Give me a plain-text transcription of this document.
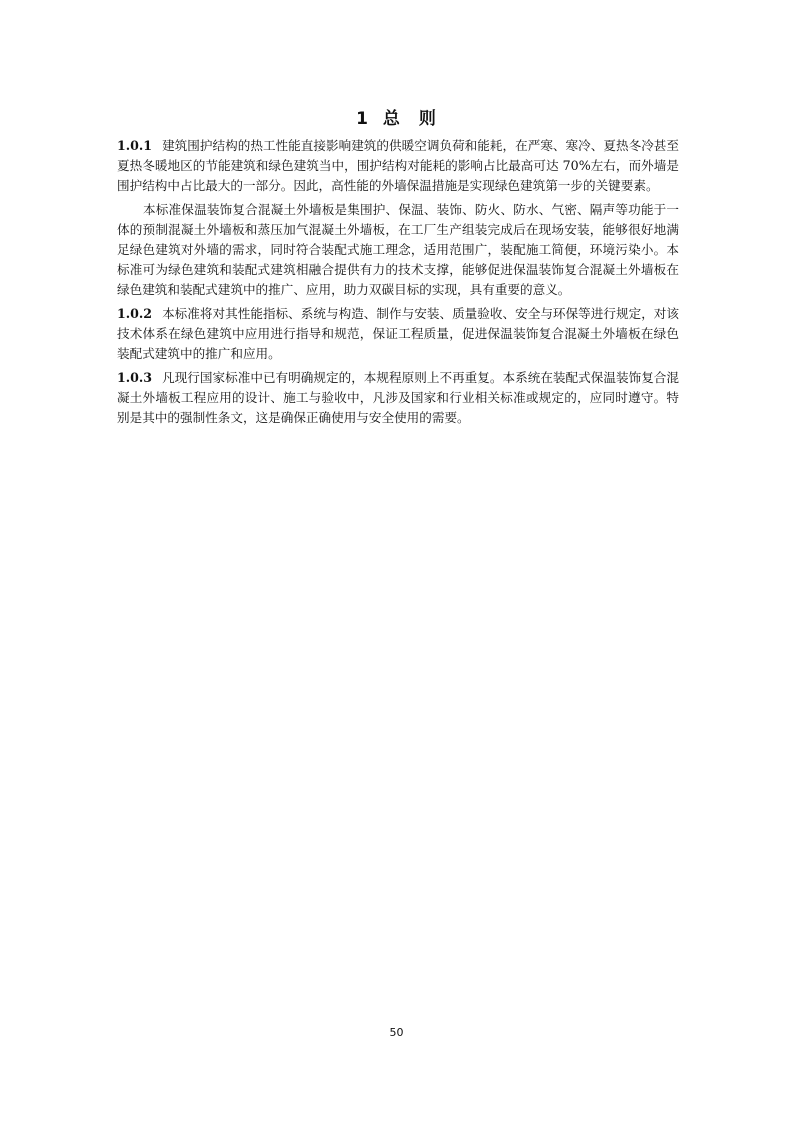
1 总 则

1.0.1 建筑围护结构的热工性能直接影响建筑的供暖空调负荷和能耗，在严寒、寒冷、夏热冬冷甚至夏热冬暖地区的节能建筑和绿色建筑当中，围护结构对能耗的影响占比最高可达 70%左右，而外墙是围护结构中占比最大的一部分。因此，高性能的外墙保温措施是实现绿色建筑第一步的关键要素。

本标准保温装饰复合混凝土外墙板是集围护、保温、装饰、防火、防水、气密、隔声等功能于一体的预制混凝土外墙板和蒸压加气混凝土外墙板，在工厂生产组装完成后在现场安装，能够很好地满足绿色建筑对外墙的需求，同时符合装配式施工理念，适用范围广，装配施工简便，环境污染小。本标准可为绿色建筑和装配式建筑相融合提供有力的技术支撑，能够促进保温装饰复合混凝土外墙板在绿色建筑和装配式建筑中的推广、应用，助力双碳目标的实现，具有重要的意义。

1.0.2 本标准将对其性能指标、系统与构造、制作与安装、质量验收、安全与环保等进行规定，对该技术体系在绿色建筑中应用进行指导和规范，保证工程质量，促进保温装饰复合混凝土外墙板在绿色装配式建筑中的推广和应用。

1.0.3 凡现行国家标准中已有明确规定的，本规程原则上不再重复。本系统在装配式保温装饰复合混凝土外墙板工程应用的设计、施工与验收中，凡涉及国家和行业相关标准或规定的，应同时遵守。特别是其中的强制性条文，这是确保正确使用与安全使用的需要。

50
